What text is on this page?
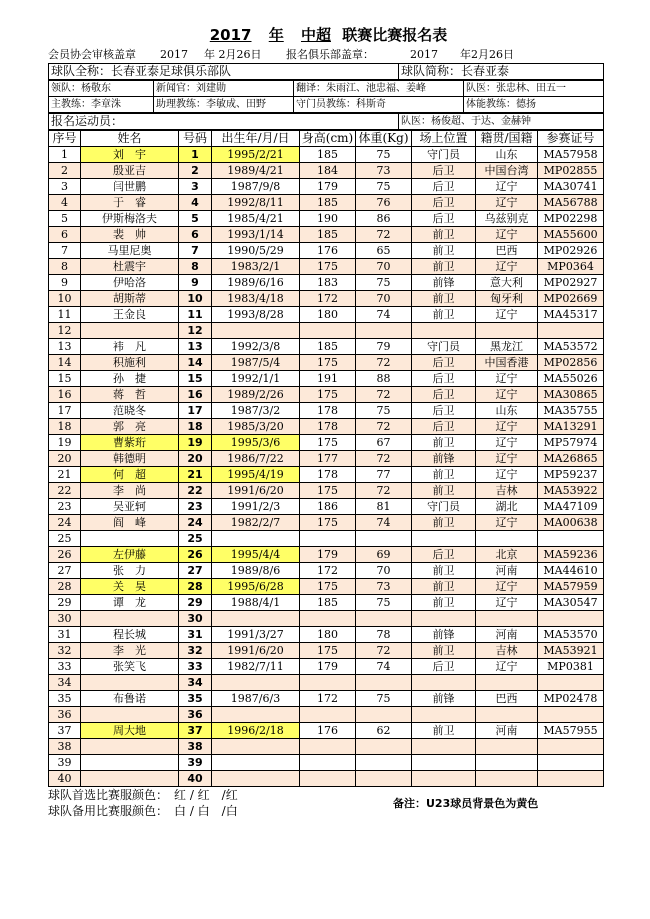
2017 年 中超 联赛比赛报名表
会员协会审核盖章 2017 年 2月26日 报名俱乐部盖章：	2017 年2月26日
球队全称：长春亚泰足球俱乐部队	球队简称：长春亚泰
领队：杨敬东	新闻官：刘建勋	翻译：朱雨江、池忠福、姜峰	队医：张忠林、田五一
主教练：李章洙	助理教练：李敏成、田野	守门员教练：科斯奇	体能教练：德扬
报名运动员：	队医：杨俊超、于达、金赫钟
序号	姓名	号码	出生年/月/日	身高(cm)	体重(Kg)	场上位置	籍贯/国籍	参赛证号
1	刘　宇	1	1995/2/21	185	75	守门员	山东	MA57958
2	殷亚吉	2	1989/4/21	184	73	后卫	中国台湾	MP02855
3	闫世鹏	3	1987/9/8	179	75	后卫	辽宁	MA30741
4	于　睿	4	1992/8/11	185	76	后卫	辽宁	MA56788
5	伊斯梅洛夫	5	1985/4/21	190	86	后卫	乌兹别克	MP02298
6	裴　帅	6	1993/1/14	185	72	前卫	辽宁	MA55600
7	马里尼奥	7	1990/5/29	176	65	前卫	巴西	MP02926
8	杜震宇	8	1983/2/1	175	70	前卫	辽宁	MP0364
9	伊哈洛	9	1989/6/16	183	75	前锋	意大利	MP02927
10	胡斯蒂	10	1983/4/18	172	70	前卫	匈牙利	MP02669
11	王金良	11	1993/8/28	180	74	前卫	辽宁	MA45317
12		12						
13	袆　凡	13	1992/3/8	185	79	守门员	黑龙江	MA53572
14	积施利	14	1987/5/4	175	72	后卫	中国香港	MP02856
15	孙　捷	15	1992/1/1	191	88	后卫	辽宁	MA55026
16	蒋　哲	16	1989/2/26	175	72	后卫	辽宁	MA30865
17	范晓冬	17	1987/3/2	178	75	后卫	山东	MA35755
18	郭　亮	18	1985/3/20	178	72	后卫	辽宁	MA13291
19	曹紫珩	19	1995/3/6	175	67	前卫	辽宁	MP57974
20	韩德明	20	1986/7/22	177	72	前锋	辽宁	MA26865
21	何　超	21	1995/4/19	178	77	前卫	辽宁	MP59237
22	李　尚	22	1991/6/20	175	72	前卫	吉林	MA53922
23	吴亚轲	23	1991/2/3	186	81	守门员	湖北	MA47109
24	阎　峰	24	1982/2/7	175	74	前卫	辽宁	MA00638
25		25						
26	左伊藤	26	1995/4/4	179	69	后卫	北京	MA59236
27	张　力	27	1989/8/6	172	70	前卫	河南	MA44610
28	关　昊	28	1995/6/28	175	73	前卫	辽宁	MA57959
29	谭　龙	29	1988/4/1	185	75	前卫	辽宁	MA30547
30		30						
31	程长城	31	1991/3/27	180	78	前锋	河南	MA53570
32	李　光	32	1991/6/20	175	72	前卫	吉林	MA53921
33	张笑飞	33	1982/7/11	179	74	后卫	辽宁	MP0381
34		34						
35	布鲁诺	35	1987/6/3	172	75	前锋	巴西	MP02478
36		36						
37	周大地	37	1996/2/18	176	62	前卫	河南	MA57955
38		38						
39		39						
40		40						
球队首选比赛服颜色：　红 / 红　/红
球队备用比赛服颜色：　白 / 白　/白
备注：U23球员背景色为黄色
